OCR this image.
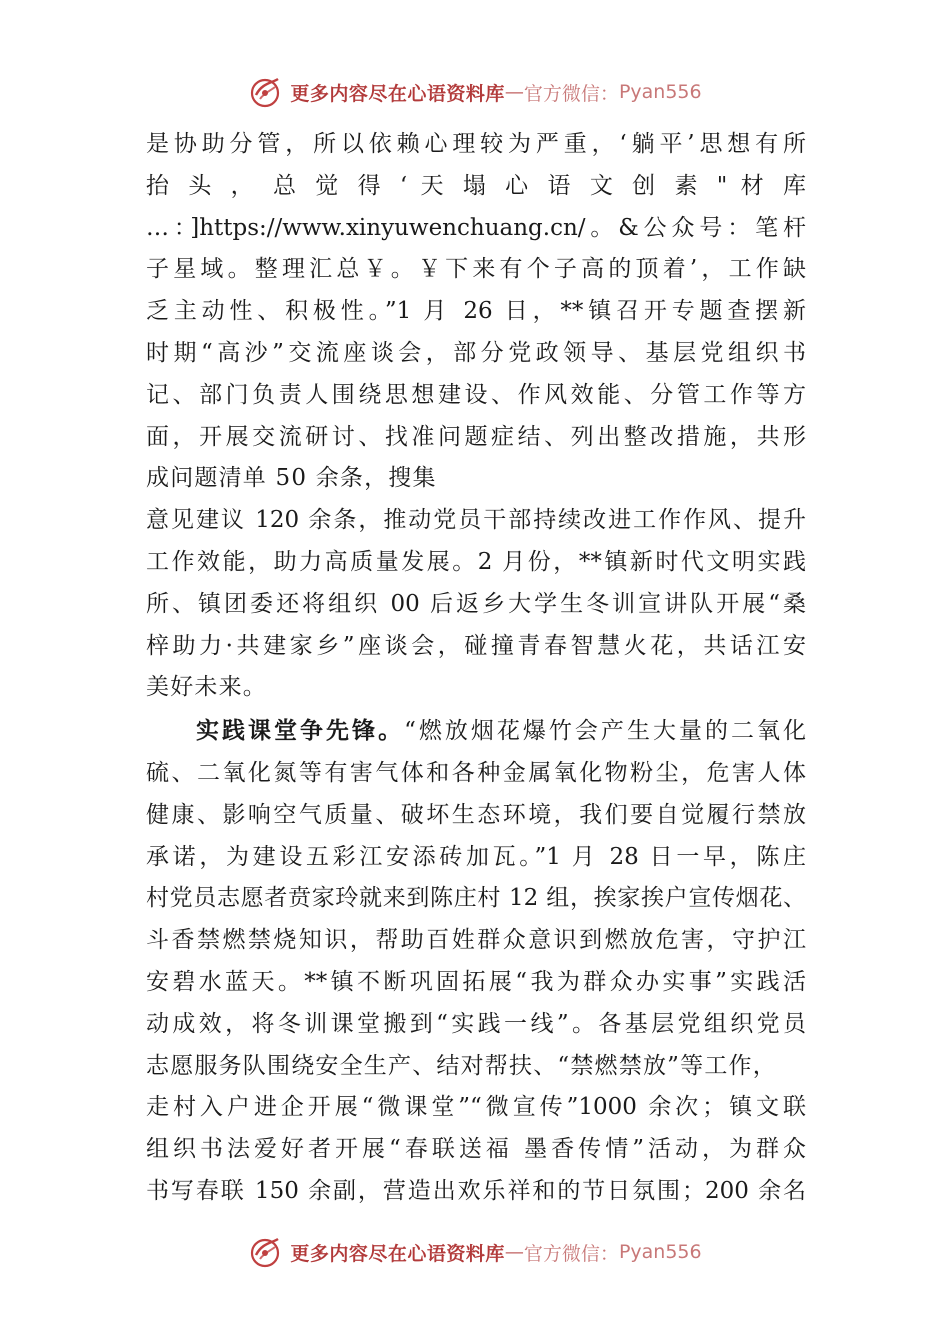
更多内容尽在心语资料库 — 官方微信： Pyan556
是协助分管，所以依赖心理较为严重，‘躺平’思想有所
抬 头 ， 总 觉 得 ‘ 天 塌 心 语 文 创 素 " 材 库
…：]https://www.xinyuwenchuang.cn/。&公众号：笔杆
子星域。整理汇总￥。￥下来有个子高的顶着’，工作缺
乏主动性、积极性。”1 月 26 日，**镇召开专题查摆新
时期“高沙”交流座谈会，部分党政领导、基层党组织书
记、部门负责人围绕思想建设、作风效能、分管工作等方
面，开展交流研讨、找准问题症结、列出整改措施，共形
成问题清单 50 余条，搜集
意见建议 120 余条，推动党员干部持续改进工作作风、提升
工作效能，助力高质量发展。2 月份，**镇新时代文明实践
所、镇团委还将组织 00 后返乡大学生冬训宣讲队开展“桑
梓助力·共建家乡”座谈会，碰撞青春智慧火花，共话江安
美好未来。
实践课堂争先锋。“燃放烟花爆竹会产生大量的二氧化
硫、二氧化氮等有害气体和各种金属氧化物粉尘，危害人体
健康、影响空气质量、破坏生态环境，我们要自觉履行禁放
承诺，为建设五彩江安添砖加瓦。”1 月 28 日一早，陈庄
村党员志愿者贲家玲就来到陈庄村 12 组，挨家挨户宣传烟花、
斗香禁燃禁烧知识，帮助百姓群众意识到燃放危害，守护江
安碧水蓝天。**镇不断巩固拓展“我为群众办实事”实践活
动成效，将冬训课堂搬到“实践一线”。各基层党组织党员
志愿服务队围绕安全生产、结对帮扶、“禁燃禁放”等工作，
走村入户进企开展“微课堂”“微宣传”1000 余次；镇文联
组织书法爱好者开展“春联送福 墨香传情”活动，为群众
书写春联 150 余副，营造出欢乐祥和的节日氛围；200 余名
更多内容尽在心语资料库 — 官方微信： Pyan556
